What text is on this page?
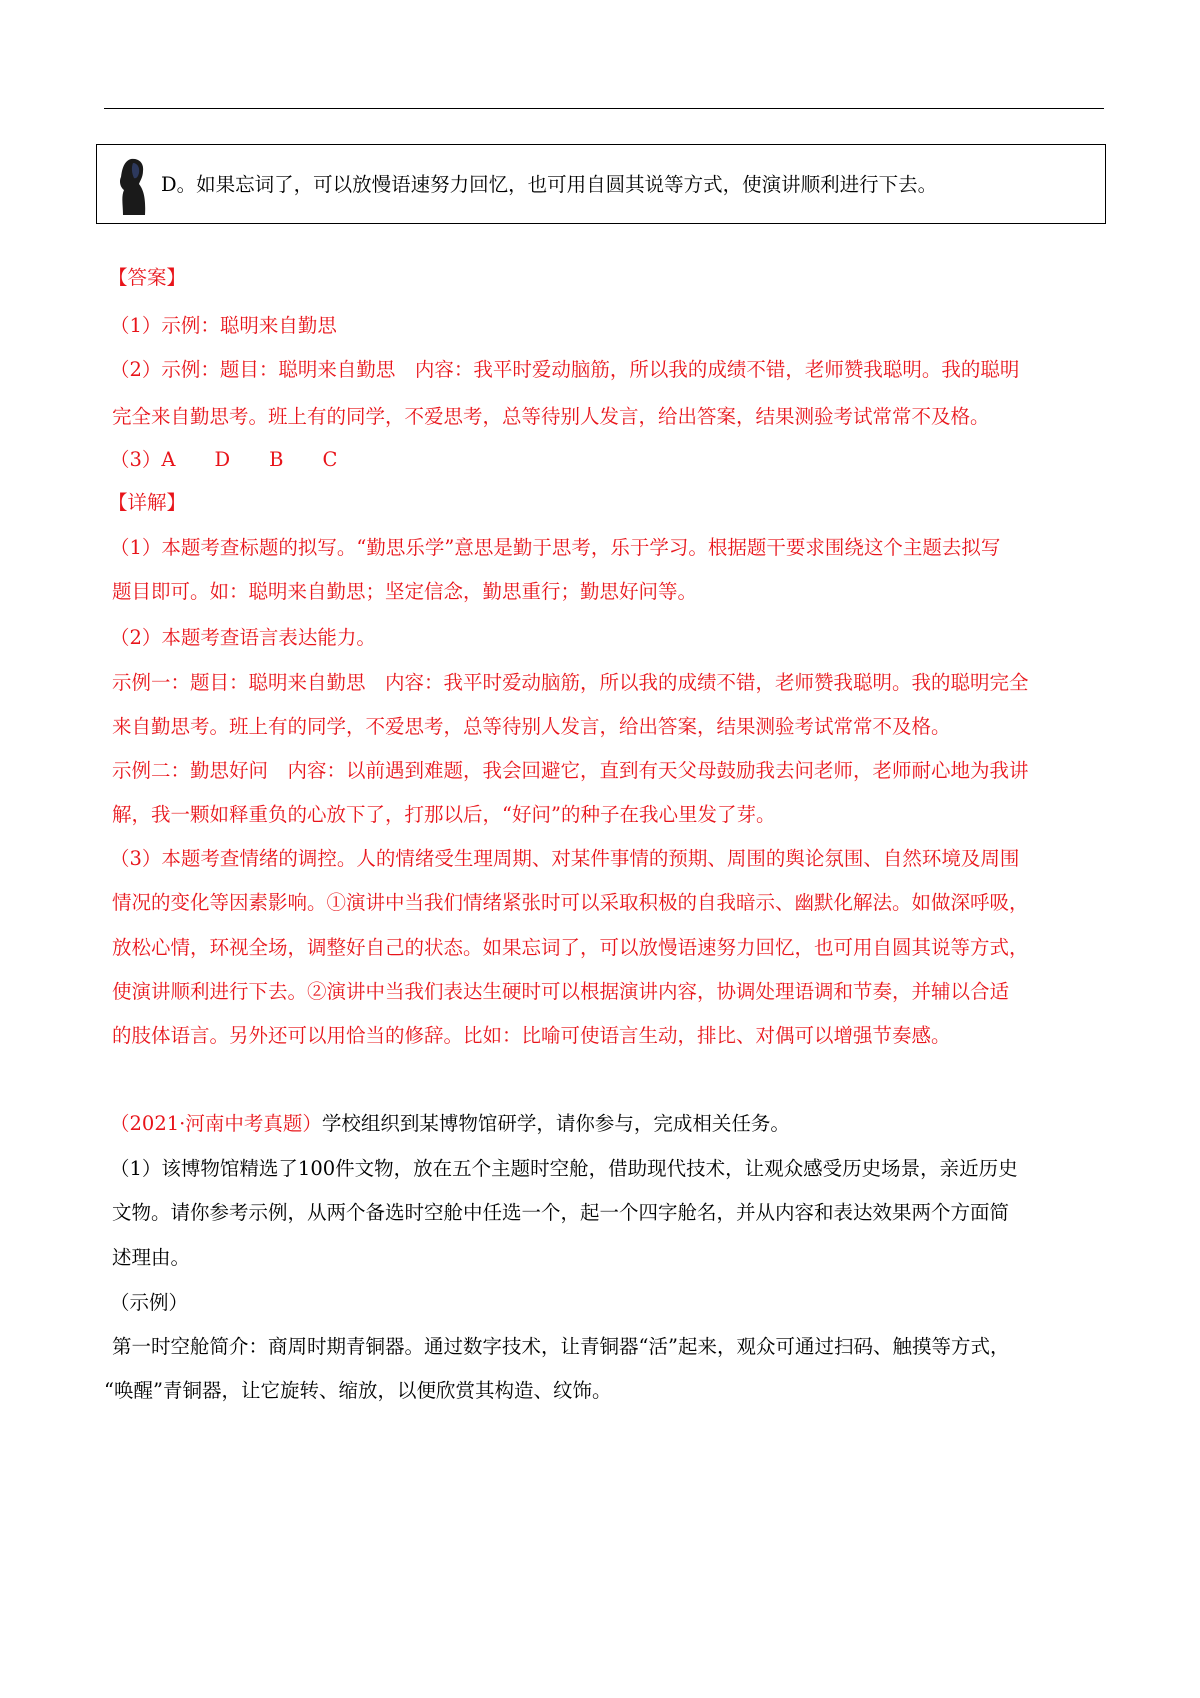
D。如果忘词了，可以放慢语速努力回忆，也可用自圆其说等方式，使演讲顺利进行下去。
【答案】
（1）示例：聪明来自勤思
（2）示例：题目：聪明来自勤思　内容：我平时爱动脑筋，所以我的成绩不错，老师赞我聪明。我的聪明
完全来自勤思考。班上有的同学，不爱思考，总等待别人发言，给出答案，结果测验考试常常不及格。
（3）A　　D　　B　　C
【详解】
（1）本题考查标题的拟写。“勤思乐学”意思是勤于思考，乐于学习。根据题干要求围绕这个主题去拟写
题目即可。如：聪明来自勤思；坚定信念，勤思重行；勤思好问等。
（2）本题考查语言表达能力。
示例一：题目：聪明来自勤思　内容：我平时爱动脑筋，所以我的成绩不错，老师赞我聪明。我的聪明完全
来自勤思考。班上有的同学，不爱思考，总等待别人发言，给出答案，结果测验考试常常不及格。
示例二：勤思好问　内容：以前遇到难题，我会回避它，直到有天父母鼓励我去问老师，老师耐心地为我讲
解，我一颗如释重负的心放下了，打那以后，“好问”的种子在我心里发了芽。
（3）本题考查情绪的调控。人的情绪受生理周期、对某件事情的预期、周围的舆论氛围、自然环境及周围
情况的变化等因素影响。①演讲中当我们情绪紧张时可以采取积极的自我暗示、幽默化解法。如做深呼吸，
放松心情，环视全场，调整好自己的状态。如果忘词了，可以放慢语速努力回忆，也可用自圆其说等方式，
使演讲顺利进行下去。②演讲中当我们表达生硬时可以根据演讲内容，协调处理语调和节奏，并辅以合适
的肢体语言。另外还可以用恰当的修辞。比如：比喻可使语言生动，排比、对偶可以增强节奏感。
（2021·河南中考真题）学校组织到某博物馆研学，请你参与，完成相关任务。
（1）该博物馆精选了100件文物，放在五个主题时空舱，借助现代技术，让观众感受历史场景，亲近历史
文物。请你参考示例，从两个备选时空舱中任选一个，起一个四字舱名，并从内容和表达效果两个方面简
述理由。
（示例）
第一时空舱简介：商周时期青铜器。通过数字技术，让青铜器“活”起来，观众可通过扫码、触摸等方式，
“唤醒”青铜器，让它旋转、缩放，以便欣赏其构造、纹饰。
